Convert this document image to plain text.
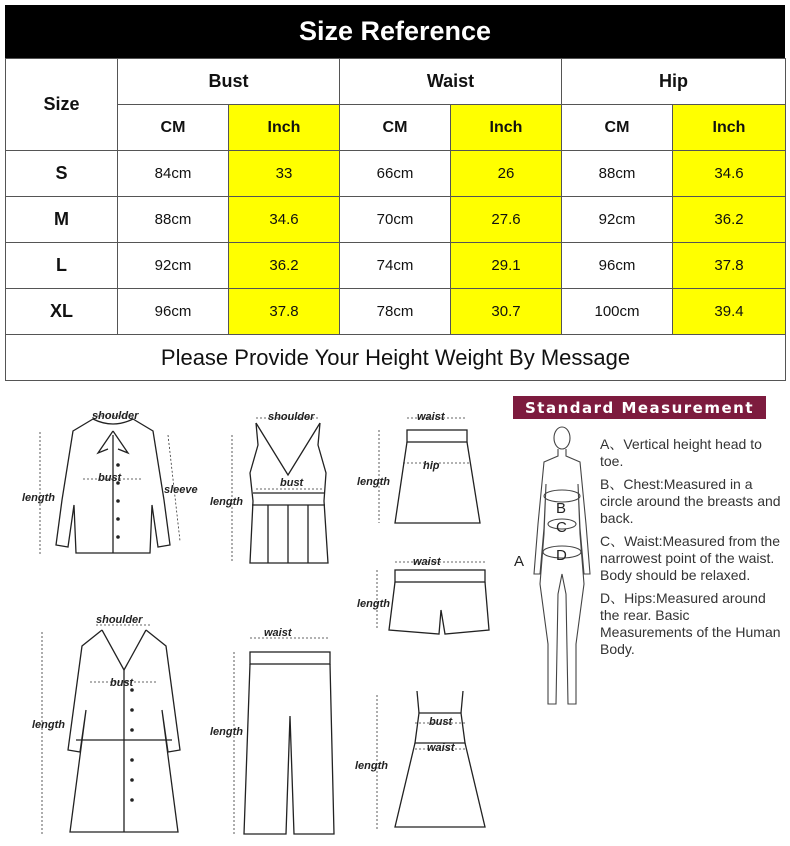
Size Reference
Size	Bust		Waist		Hip	
	CM	Inch	CM	Inch	CM	Inch
S	84cm	33	66cm	26	88cm	34.6
M	88cm	34.6	70cm	27.6	92cm	36.2
L	92cm	36.2	74cm	29.1	96cm	37.8
XL	96cm	37.8	78cm	30.7	100cm	39.4
Please Provide Your Height Weight By Message						
shoulder
bust
sleeve
length
shoulder
bust
length
waist
hip
length
waist
length
shoulder
bust
length
waist
length
bust
waist
length
Standard Measurement
B
C
D
A
A、Vertical height head to toe.
B、Chest:Measured in a circle around the breasts and back.
C、Waist:Measured from the narrowest point of the waist. Body should be relaxed.
D、Hips:Measured around the rear. Basic Measurements of the Human Body.
